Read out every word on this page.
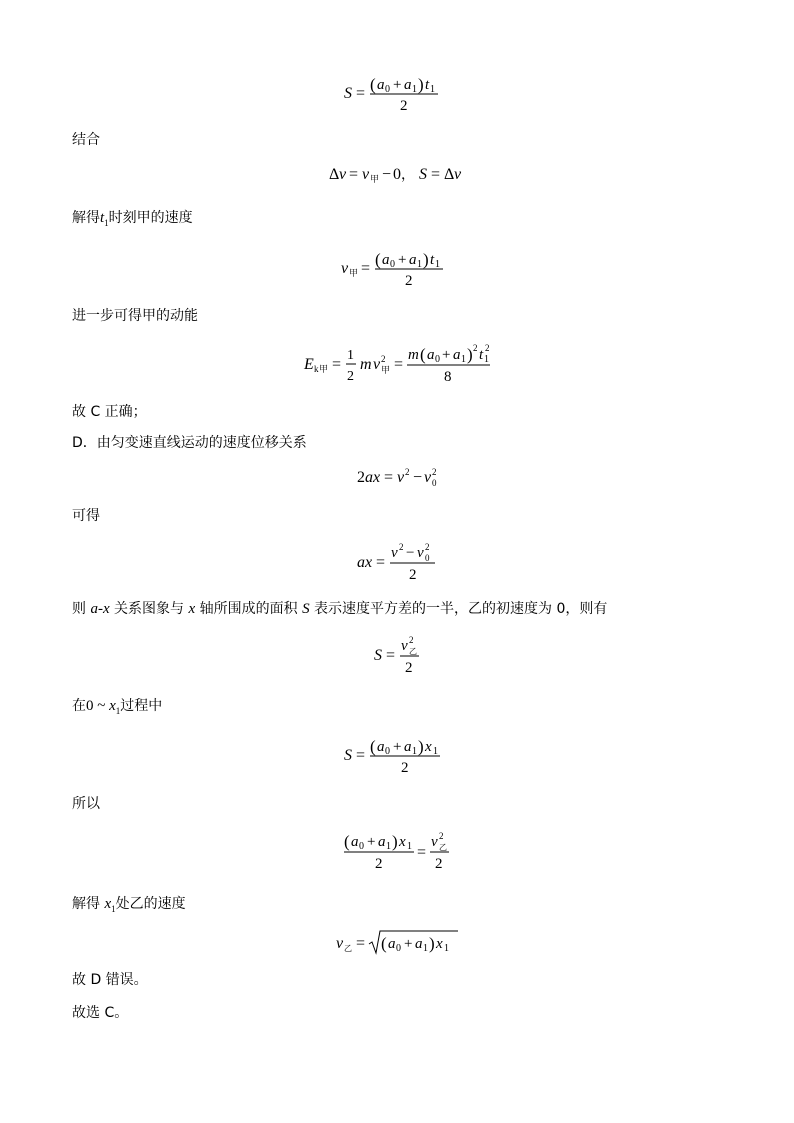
S = ( a 0 + a 1 ) t 1
2
结合
Δ v = v 甲 − 0 ， S = Δ v
解得$t_1$时刻甲的速度
v 甲 = ( a 0 + a 1 ) t 1
2
进一步可得甲的动能
E k 甲 =
1
2
m v 2
甲 =
m ( a 0 + a 1 ) 2 t 1
2
8
故 C 正确；
D．由匀变速直线运动的速度位移关系
2 a x = v 2 − v 2
0
可得
a x =
v 2 − v 2
0
2
则 a-x 关系图象与 x 轴所围成的面积 S 表示速度平方差的一半，乙的初速度为 0，则有
S =
v 2
乙
2
在0 ~ $x_1$过程中
S = ( a 0 + a 1 ) x 1
2
所以
( a 0 + a 1 ) x 1
2
=
v 2
乙
2
解得 $x_1$处乙的速度
v 乙 = ( a 0 + a 1 ) x 1
故 D 错误。
故选 C。
